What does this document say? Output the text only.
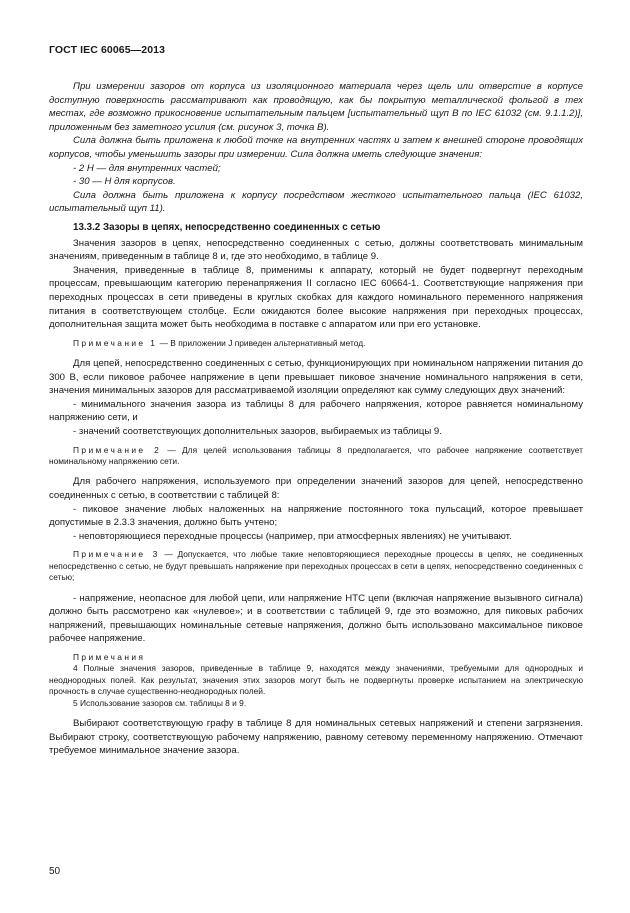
ГОСТ IEC 60065—2013

При измерении зазоров от корпуса из изоляционного материала через щель или отверстие в корпусе доступную поверхность рассматривают как проводящую, как бы покрытую металлической фольгой в тех местах, где возможно прикосновение испытательным пальцем [испытательный щуп B по IEC 61032 (см. 9.1.1.2)], приложенным без заметного усилия (см. рисунок 3, точка B).

Сила должна быть приложена к любой точке на внутренних частях и затем к внешней стороне проводящих корпусов, чтобы уменьшить зазоры при измерении. Сила должна иметь следующие значения:

- 2 Н — для внутренних частей;

- 30 — Н для корпусов.

Сила должна быть приложена к корпусу посредством жесткого испытательного пальца (IEC 61032, испытательный щуп 11).

13.3.2 Зазоры в цепях, непосредственно соединенных с сетью

Значения зазоров в цепях, непосредственно соединенных с сетью, должны соответствовать минимальным значениям, приведенным в таблице 8 и, где это необходимо, в таблице 9.

Значения, приведенные в таблице 8, применимы к аппарату, который не будет подвергнут переходным процессам, превышающим категорию перенапряжения II согласно IEC 60664-1. Соответствующие напряжения при переходных процессах в сети приведены в круглых скобках для каждого номинального переменного напряжения питания в соответствующем столбце. Если ожидаются более высокие напряжения при переходных процессах, дополнительная защита может быть необходима в поставке с аппаратом или при его установке.

Примечание 1 — В приложении J приведен альтернативный метод.

Для цепей, непосредственно соединенных с сетью, функционирующих при номинальном напряжении питания до 300 В, если пиковое рабочее напряжение в цепи превышает пиковое значение номинального напряжения в сети, значения минимальных зазоров для рассматриваемой изоляции определяют как сумму следующих двух значений:

- минимального значения зазора из таблицы 8 для рабочего напряжения, которое равняется номинальному напряжению сети, и

- значений соответствующих дополнительных зазоров, выбираемых из таблицы 9.

Примечание 2 — Для целей использования таблицы 8 предполагается, что рабочее напряжение соответствует номинальному напряжению сети.

Для рабочего напряжения, используемого при определении значений зазоров для цепей, непосредственно соединенных с сетью, в соответствии с таблицей 8:

- пиковое значение любых наложенных на напряжение постоянного тока пульсаций, которое превышает допустимые в 2.3.3 значения, должно быть учтено;

- неповторяющиеся переходные процессы (например, при атмосферных явлениях) не учитывают.

Примечание 3 — Допускается, что любые такие неповторяющиеся переходные процессы в цепях, не соединенных непосредственно с сетью, не будут превышать напряжение при переходных процессах в сети в цепях, непосредственно соединенных с сетью;

- напряжение, неопасное для любой цепи, или напряжение НТС цепи (включая напряжение вызывного сигнала) должно быть рассмотрено как «нулевое»; и в соответствии с таблицей 9, где это возможно, для пиковых рабочих напряжений, превышающих номинальные сетевые напряжения, должно быть использовано максимальное пиковое рабочее напряжение.

Примечания

4 Полные значения зазоров, приведенные в таблице 9, находятся между значениями, требуемыми для однородных и неоднородных полей. Как результат, значения этих зазоров могут быть не подвергнуты проверке испытанием на электрическую прочность в случае существенно-неоднородных полей.

5 Использование зазоров см. таблицы 8 и 9.

Выбирают соответствующую графу в таблице 8 для номинальных сетевых напряжений и степени загрязнения. Выбирают строку, соответствующую рабочему напряжению, равному сетевому переменному напряжению. Отмечают требуемое минимальное значение зазора.

50
